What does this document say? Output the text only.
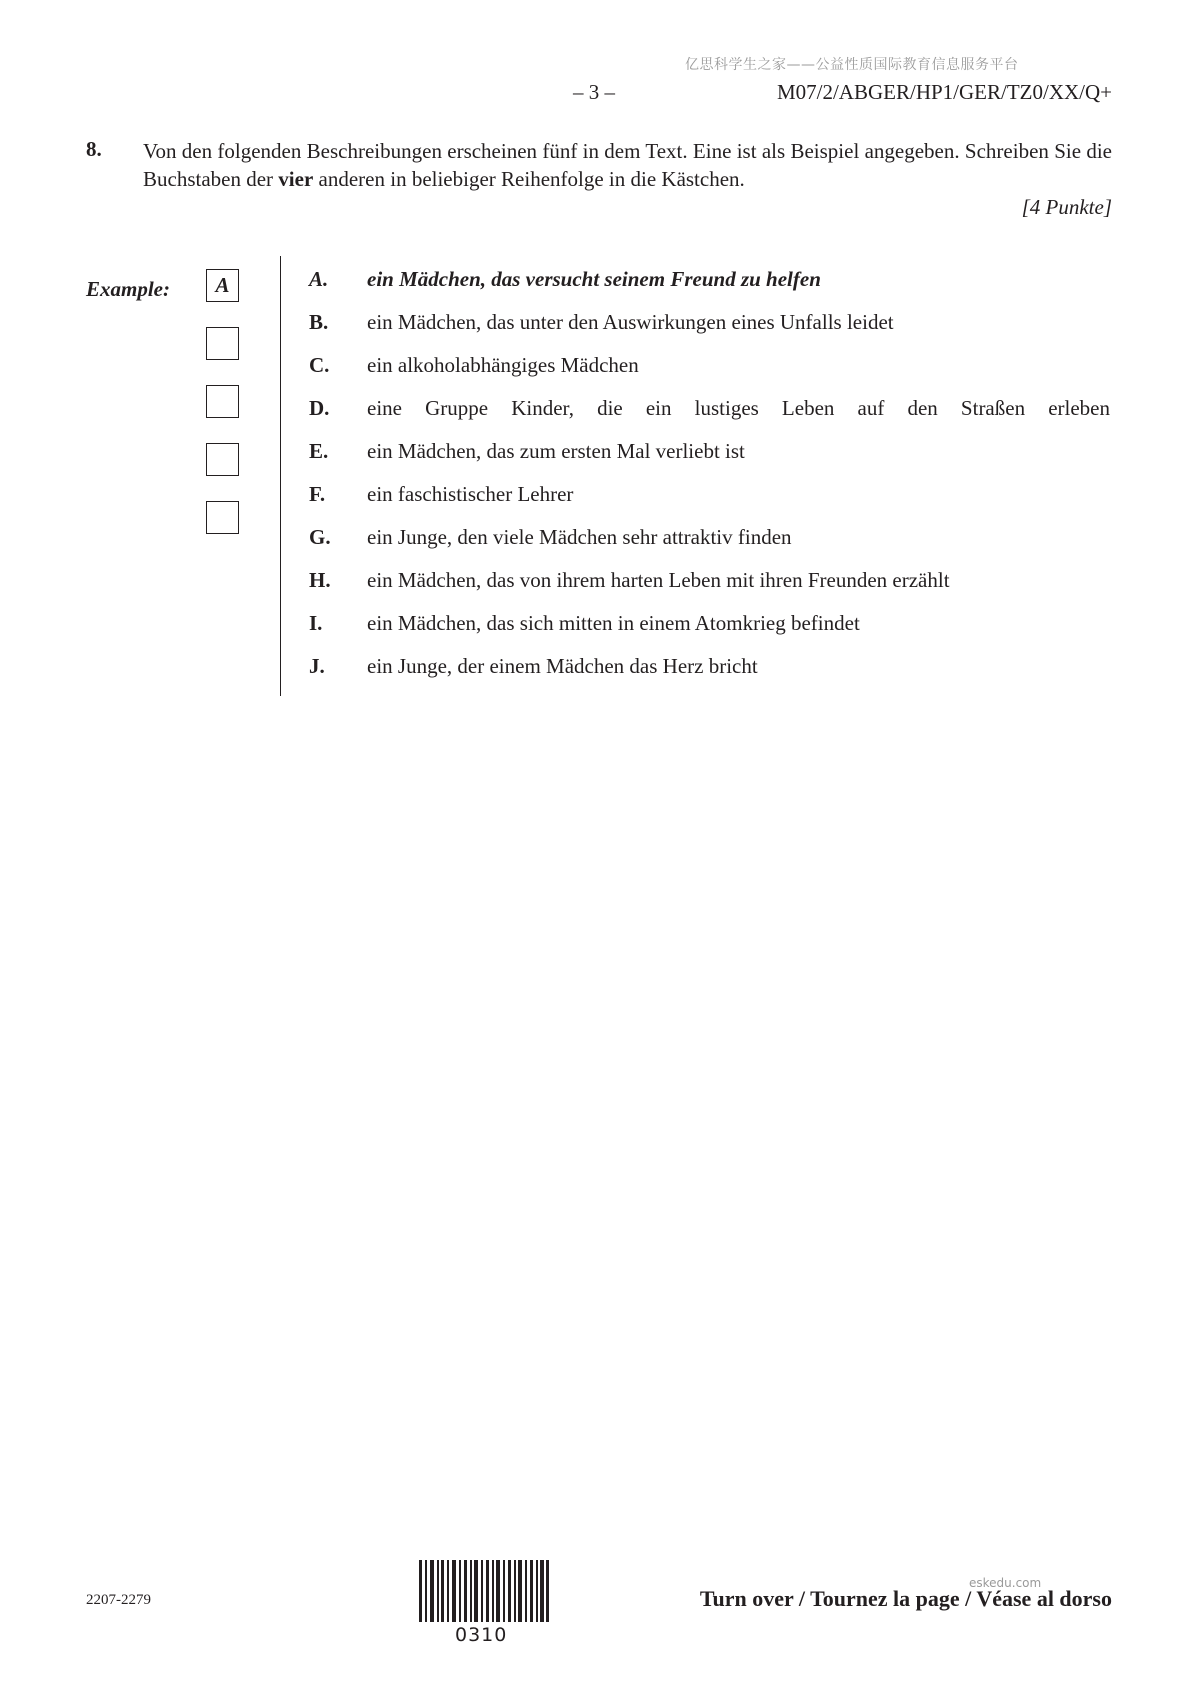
亿思科学生之家——公益性质国际教育信息服务平台
– 3 –	M07/2/ABGER/HP1/GER/TZ0/XX/Q+
8. Von den folgenden Beschreibungen erscheinen fünf in dem Text. Eine ist als Beispiel angegeben. Schreiben Sie die Buchstaben der vier anderen in beliebiger Reihenfolge in die Kästchen.
[4 Punkte]
Example:	A	A. ein Mädchen, das versucht seinem Freund zu helfen
B. ein Mädchen, das unter den Auswirkungen eines Unfalls leidet
C. ein alkoholabhängiges Mädchen
D. eine Gruppe Kinder, die ein lustiges Leben auf den Straßen erleben
E. ein Mädchen, das zum ersten Mal verliebt ist
F. ein faschistischer Lehrer
G. ein Junge, den viele Mädchen sehr attraktiv finden
H. ein Mädchen, das von ihrem harten Leben mit ihren Freunden erzählt
I. ein Mädchen, das sich mitten in einem Atomkrieg befindet
J. ein Junge, der einem Mädchen das Herz bricht
2207-2279
0310
eskedu.com
Turn over / Tournez la page / Véase al dorso
